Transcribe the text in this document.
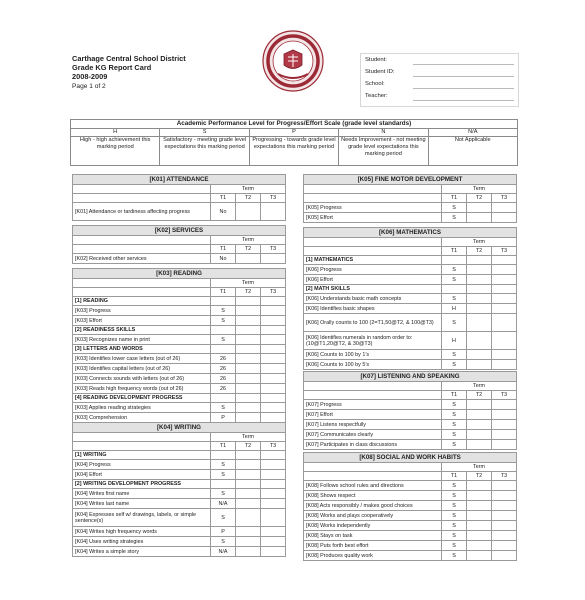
Carthage Central School District
Grade KG Report Card
2008-2009
Page 1 of 2
Student:
Student ID:
School:
Teacher:
Academic Performance Level for Progress/Effort Scale (grade level standards)				
H	S	P	N	N/A
High - high achievement this marking period	Satisfactory - meeting grade level expectations this marking period	Progressing - towards grade level expectations this marking period	Needs Improvement - not meeting grade level expectations this marking period	Not Applicable
[K01] ATTENDANCE			
	Term		
	T1	T2	T3
[K01] Attendance or tardiness affecting progress	No		
[K02] SERVICES			
	Term		
	T1	T2	T3
[K02] Received other services	No		
[K03] READING			
	Term		
	T1	T2	T3
[1] READING			
[K03] Progress	S		
[K03] Effort	S		
[2] READINESS SKILLS			
[K03] Recognizes name in print	S		
[3] LETTERS AND WORDS			
[K03] Identifies lower case letters (out of 26)	26		
[K03] Identifies capital letters (out of 26)	26		
[K03] Connects sounds with letters (out of 26)	26		
[K03] Reads high frequency words (out of 26)	26		
[4] READING DEVELOPMENT PROGRESS			
[K03] Applies reading strategies	S		
[K03] Comprehension	P		
[K04] WRITING			
	Term		
	T1	T2	T3
[1] WRITING			
[K04] Progress	S		
[K04] Effort	S		
[2] WRITING DEVELOPMENT PROGRESS			
[K04] Writes first name	S		
[K04] Writes last name	N/A		
[K04] Expresses self w/ drawings, labels, or simple sentence(s)	S		
[K04] Writes high frequency words	P		
[K04] Uses writing strategies	S		
[K04] Writes a simple story	N/A		
[K05] FINE MOTOR DEVELOPMENT			
	Term		
	T1	T2	T3
[K05] Progress	S		
[K05] Effort	S		
[K06] MATHEMATICS			
	Term		
	T1	T2	T3
[1] MATHEMATICS			
[K06] Progress	S		
[K06] Effort	S		
[2] MATH SKILLS			
[K06] Understands basic math concepts	S		
[K06] Identifies basic shapes	H		
[K06] Orally counts to 100 (2=T1,50@T2, & 100@T3)	S		
[K06] Identifies numerals in random order to: (10@T1,20@T2, & 30@T3)	H		
[K06] Counts to 100 by 1’s	S		
[K06] Counts to 100 by 5’s	S		
[K07] LISTENING AND SPEAKING			
	Term		
	T1	T2	T3
[K07] Progress	S		
[K07] Effort	S		
[K07] Listens respectfully	S		
[K07] Communicates clearly	S		
[K07] Participates in class discussions	S		
[K08] SOCIAL AND WORK HABITS			
	Term		
	T1	T2	T3
[K08] Follows school rules and directions	S		
[K08] Shows respect	S		
[K08] Acts responsibly / makes good choices	S		
[K08] Works and plays cooperatively	S		
[K08] Works independently	S		
[K08] Stays on task	S		
[K08] Puts forth best effort	S		
[K08] Produces quality work	S		
